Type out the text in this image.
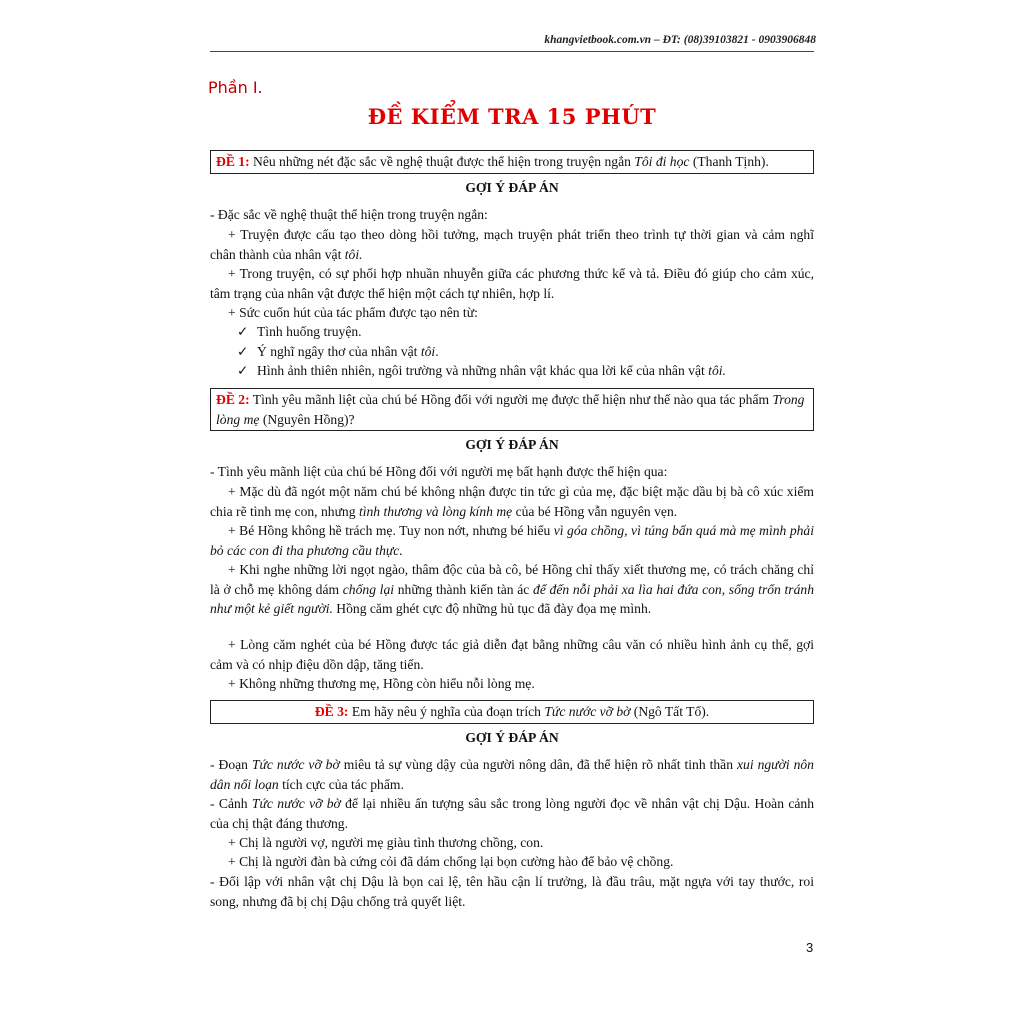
khangvietbook.com.vn – ĐT: (08)39103821 - 0903906848
Phần I.
ĐỀ KIỂM TRA 15 PHÚT
ĐỀ 1: Nêu những nét đặc sắc về nghệ thuật được thể hiện trong truyện ngắn Tôi đi học (Thanh Tịnh).
GỢI Ý ĐÁP ÁN
- Đặc sắc về nghệ thuật thể hiện trong truyện ngắn:
+ Truyện được cấu tạo theo dòng hồi tưởng, mạch truyện phát triển theo trình tự thời gian và cảm nghĩ chân thành của nhân vật tôi.
+ Trong truyện, có sự phối hợp nhuần nhuyễn giữa các phương thức kể và tả. Điều đó giúp cho cảm xúc, tâm trạng của nhân vật được thể hiện một cách tự nhiên, hợp lí.
+ Sức cuốn hút của tác phẩm được tạo nên từ:
✓ Tình huống truyện.
✓ Ý nghĩ ngây thơ của nhân vật tôi.
✓ Hình ảnh thiên nhiên, ngôi trường và những nhân vật khác qua lời kể của nhân vật tôi.
ĐỀ 2: Tình yêu mãnh liệt của chú bé Hồng đối với người mẹ được thể hiện như thế nào qua tác phẩm Trong lòng mẹ (Nguyên Hồng)?
GỢI Ý ĐÁP ÁN
- Tình yêu mãnh liệt của chú bé Hồng đối với người mẹ bất hạnh được thể hiện qua:
+ Mặc dù đã ngót một năm chú bé không nhận được tin tức gì của mẹ, đặc biệt mặc dầu bị bà cô xúc xiểm chia rẽ tình mẹ con, nhưng tình thương và lòng kính mẹ của bé Hồng vẫn nguyên vẹn.
+ Bé Hồng không hề trách mẹ. Tuy non nớt, nhưng bé hiểu vì góa chồng, vì túng bấn quá mà mẹ mình phải bỏ các con đi tha phương cầu thực.
+ Khi nghe những lời ngọt ngào, thâm độc của bà cô, bé Hồng chỉ thấy xiết thương mẹ, có trách chăng chỉ là ở chỗ mẹ không dám chống lại những thành kiến tàn ác để đến nỗi phải xa lìa hai đứa con, sống trốn tránh như một kẻ giết người. Hồng căm ghét cực độ những hủ tục đã đày đọa mẹ mình.
+ Lòng căm nghét của bé Hồng được tác giả diễn đạt bằng những câu văn có nhiều hình ảnh cụ thể, gợi cảm và có nhịp điệu dồn dập, tăng tiến.
+ Không những thương mẹ, Hồng còn hiểu nỗi lòng mẹ.
ĐỀ 3: Em hãy nêu ý nghĩa của đoạn trích Tức nước vỡ bờ (Ngô Tất Tố).
GỢI Ý ĐÁP ÁN
- Đoạn Tức nước vỡ bờ miêu tả sự vùng dậy của người nông dân, đã thể hiện rõ nhất tinh thần xui người nôn dân nổi loạn tích cực của tác phẩm.
- Cảnh Tức nước vỡ bờ để lại nhiều ấn tượng sâu sắc trong lòng người đọc về nhân vật chị Dậu. Hoàn cảnh của chị thật đáng thương.
+ Chị là người vợ, người mẹ giàu tình thương chồng, con.
+ Chị là người đàn bà cứng cỏi đã dám chống lại bọn cường hào để bảo vệ chồng.
- Đối lập với nhân vật chị Dậu là bọn cai lệ, tên hầu cận lí trưởng, là đầu trâu, mặt ngựa với tay thước, roi song, nhưng đã bị chị Dậu chống trả quyết liệt.
3
